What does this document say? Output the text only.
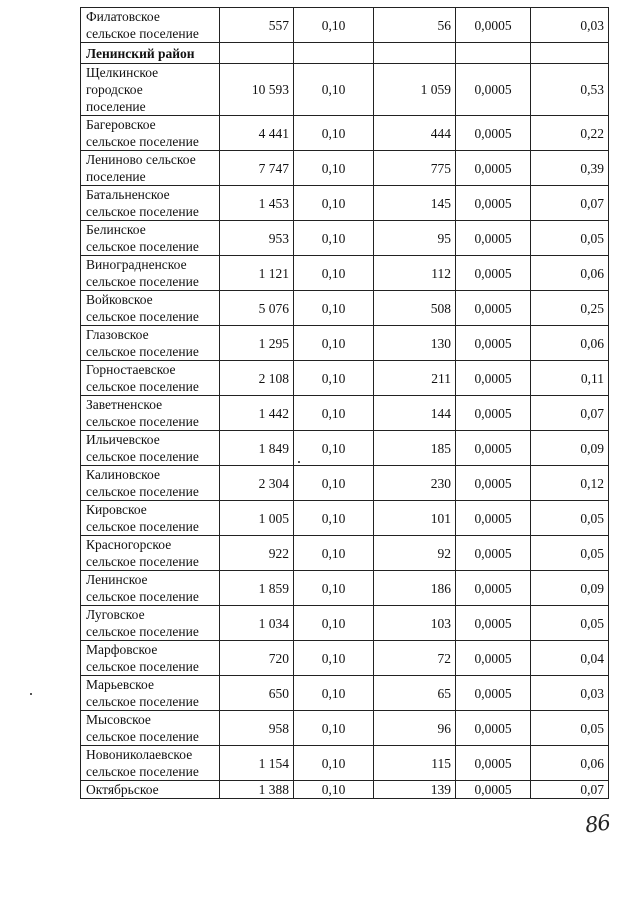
Филатовское
сельское поселение	557	0,10	56	0,0005	0,03
Ленинский район					
Щелкинское
городское
поселение	10 593	0,10	1 059	0,0005	0,53
Багеровское
сельское поселение	4 441	0,10	444	0,0005	0,22
Лениново сельское
поселение	7 747	0,10	775	0,0005	0,39
Батальненское
сельское поселение	1 453	0,10	145	0,0005	0,07
Белинское
сельское поселение	953	0,10	95	0,0005	0,05
Виноградненское
сельское поселение	1 121	0,10	112	0,0005	0,06
Войковское
сельское поселение	5 076	0,10	508	0,0005	0,25
Глазовское
сельское поселение	1 295	0,10	130	0,0005	0,06
Горностаевское
сельское поселение	2 108	0,10	211	0,0005	0,11
Заветненское
сельское поселение	1 442	0,10	144	0,0005	0,07
Ильичевское
сельское поселение	1 849	0,10	185	0,0005	0,09
Калиновское
сельское поселение	2 304	0,10	230	0,0005	0,12
Кировское
сельское поселение	1 005	0,10	101	0,0005	0,05
Красногорское
сельское поселение	922	0,10	92	0,0005	0,05
Ленинское
сельское поселение	1 859	0,10	186	0,0005	0,09
Луговское
сельское поселение	1 034	0,10	103	0,0005	0,05
Марфовское
сельское поселение	720	0,10	72	0,0005	0,04
Марьевское
сельское поселение	650	0,10	65	0,0005	0,03
Мысовское
сельское поселение	958	0,10	96	0,0005	0,05
Новониколаевское
сельское поселение	1 154	0,10	115	0,0005	0,06
Октябрьское	1 388	0,10	139	0,0005	0,07
86
